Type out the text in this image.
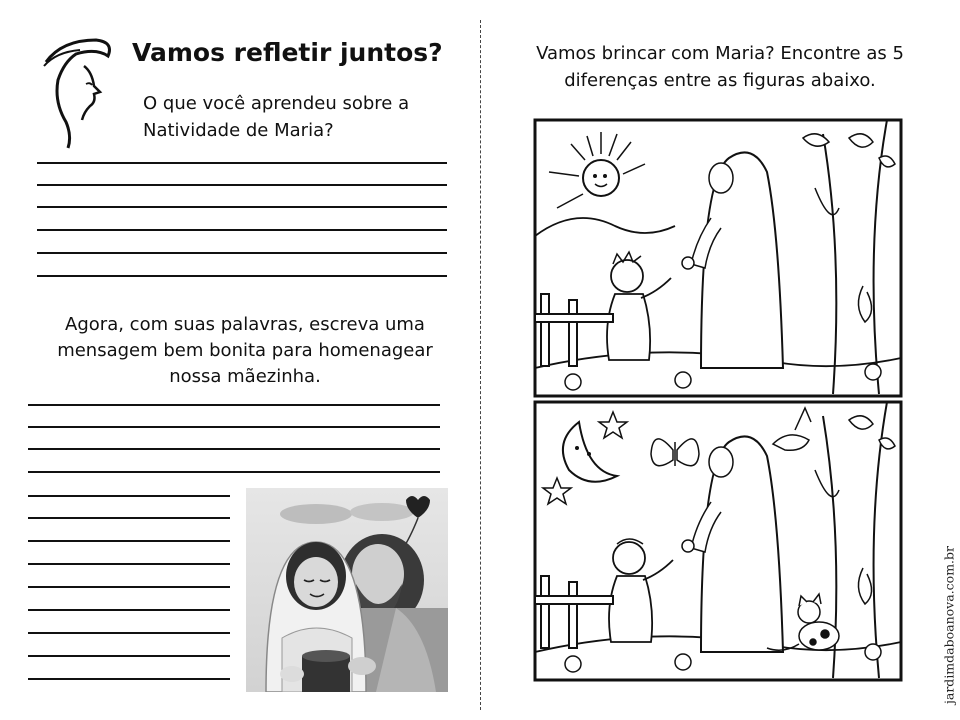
Vamos refletir juntos?
O que você aprendeu sobre a Natividade de Maria?
Agora, com suas palavras, escreva uma mensagem bem bonita para homenagear nossa mãezinha.
Vamos brincar com Maria? Encontre as 5 diferenças entre as figuras abaixo.
jardimdaboanova.com.br
